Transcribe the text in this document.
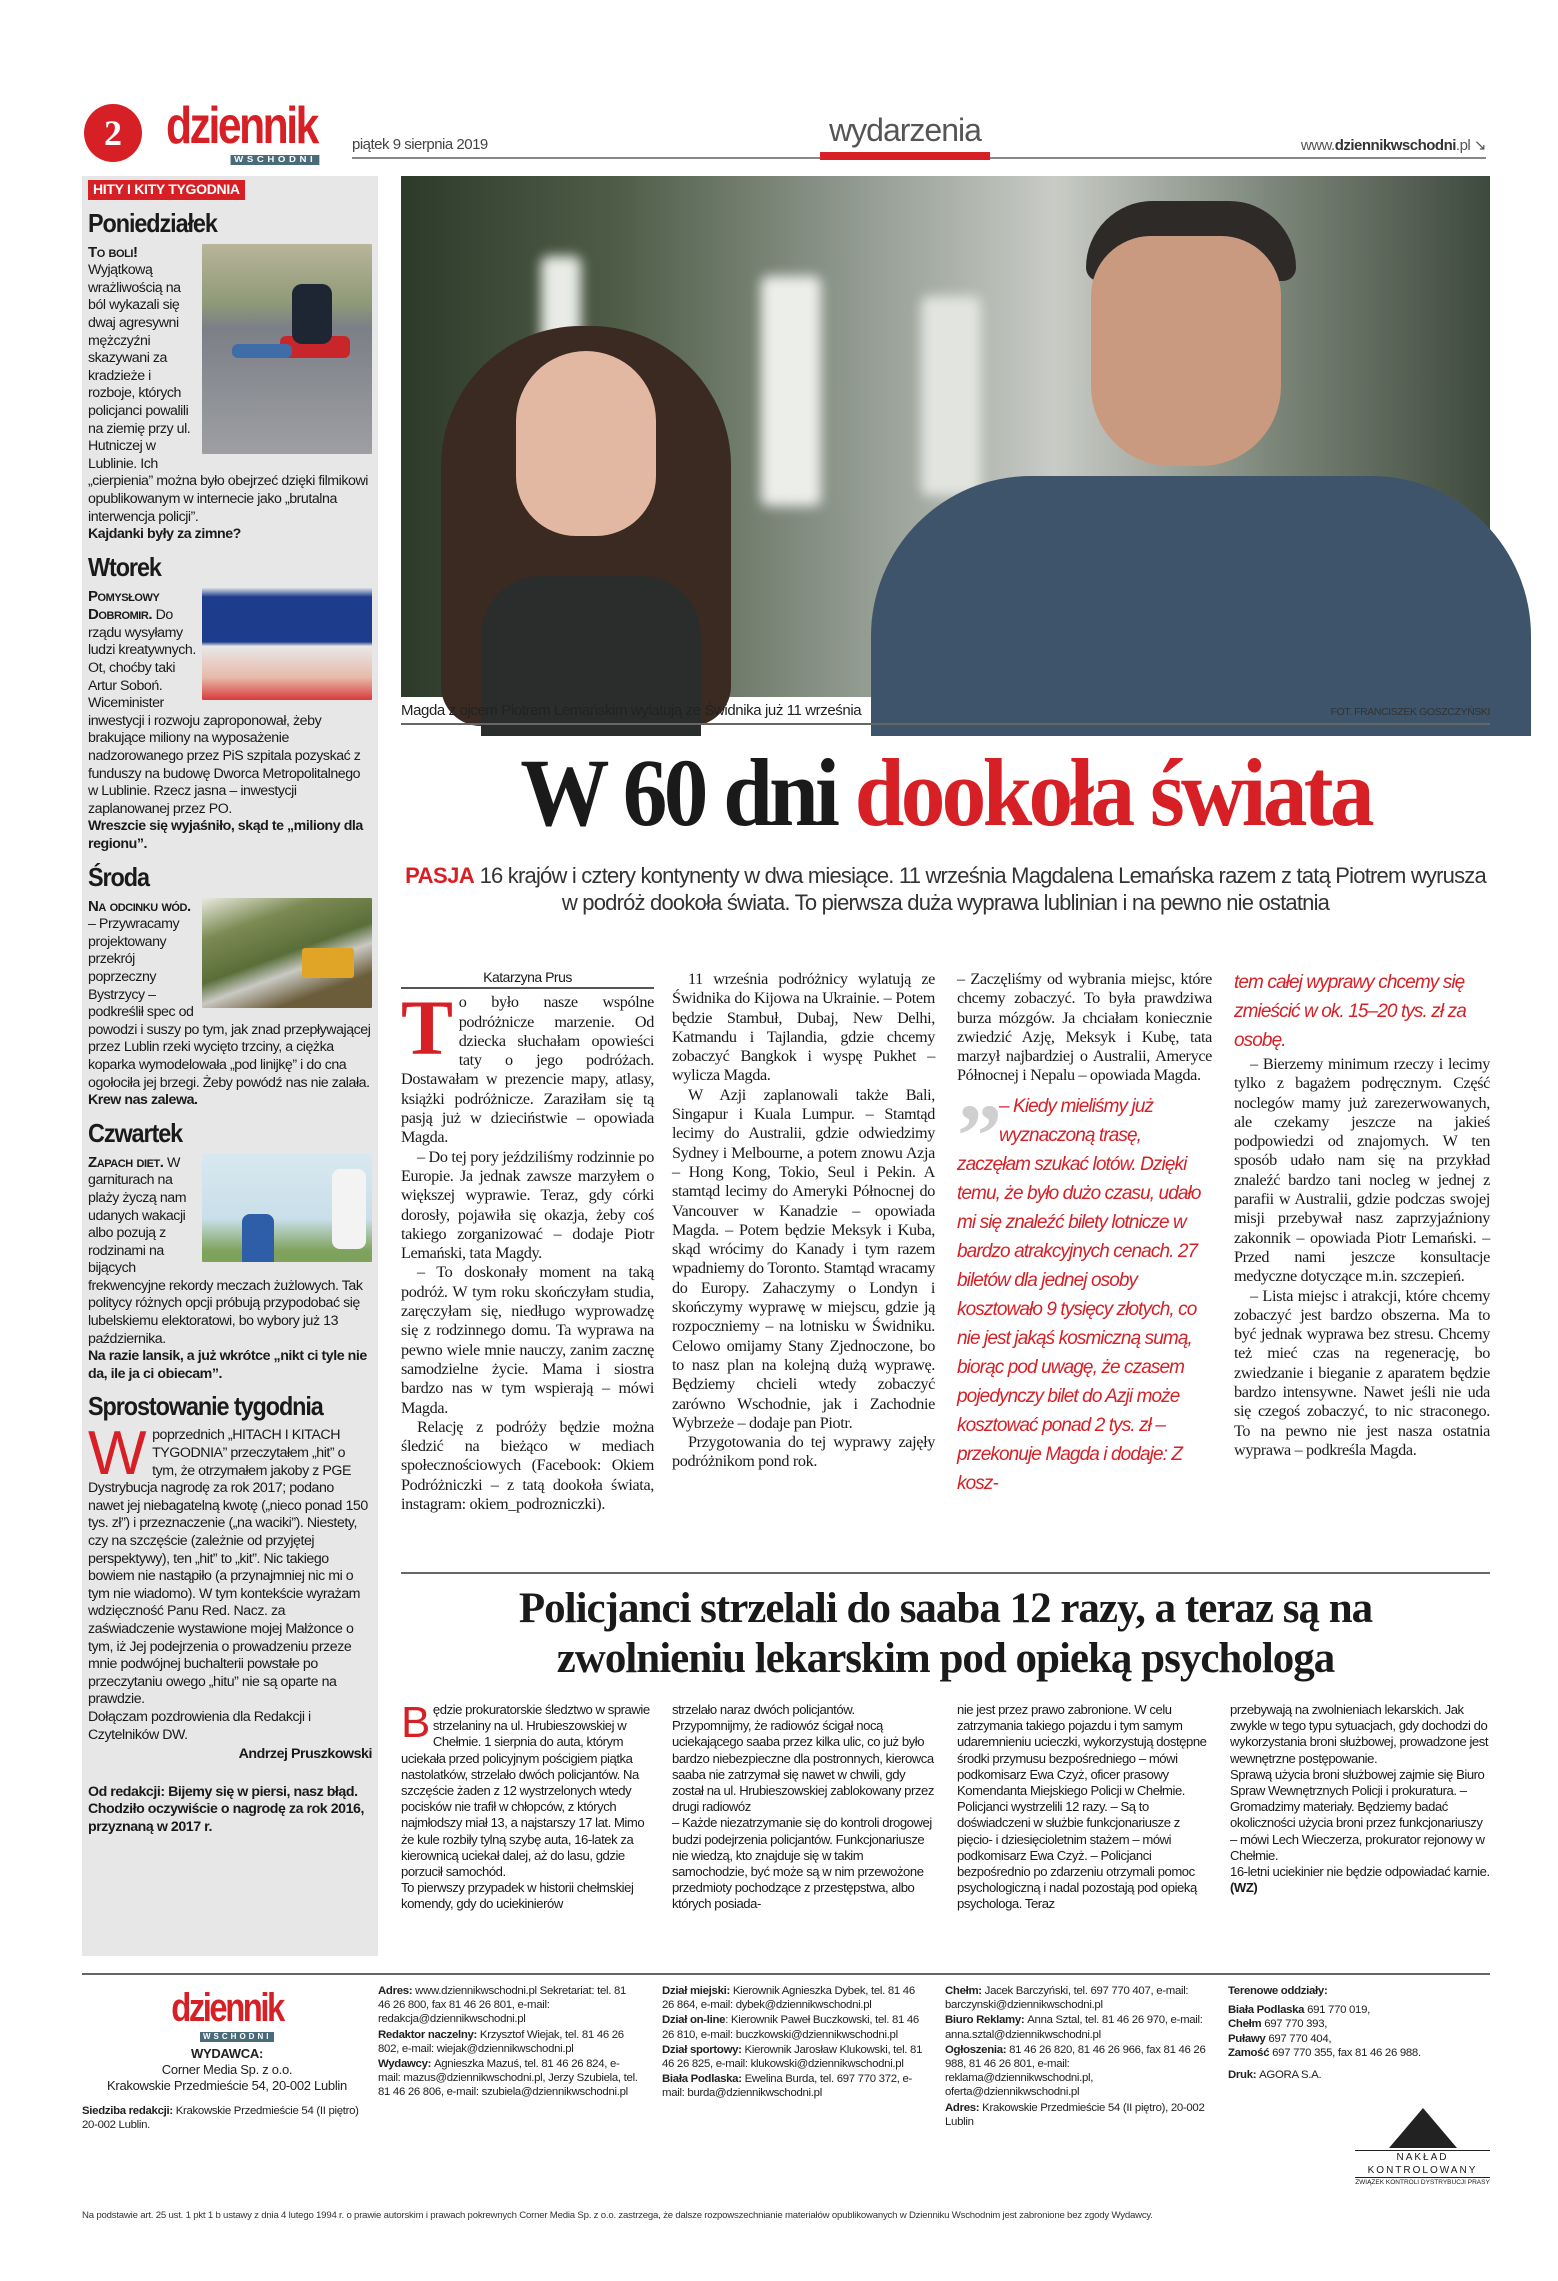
2 dziennik
WSCHODNI
piątek 9 sierpnia 2019	wydarzenia	www.dziennikwschodni.pl ↘
HITY I KITY TYGODNIA
Poniedziałek
To boli! Wyjątkową wrażliwością na ból wykazali się dwaj agresywni mężczyźni skazywani za kradzieże i rozboje, których policjanci powalili na ziemię przy ul. Hutniczej w Lublinie. Ich „cierpienia” można było obejrzeć dzięki filmikowi opublikowanym w internecie jako „brutalna interwencja policji”.
Kajdanki były za zimne?
Wtorek
Pomysłowy Dobromir. Do rządu wysyłamy ludzi kreatywnych. Ot, choćby taki Artur Soboń. Wiceminister inwestycji i rozwoju zaproponował, żeby brakujące miliony na wyposażenie nadzorowanego przez PiS szpitala pozyskać z funduszy na budowę Dworca Metropolitalnego w Lublinie. Rzecz jasna – inwestycji zaplanowanej przez PO.
Wreszcie się wyjaśniło, skąd te „miliony dla regionu”.
Środa
Na odcinku wód. – Przywracamy projektowany przekrój poprzeczny Bystrzycy – podkreślił spec od powodzi i suszy po tym, jak znad przepływającej przez Lublin rzeki wycięto trzciny, a ciężka koparka wymodelowała „pod linijkę” i do cna ogołociła jej brzegi. Żeby powódź nas nie zalała.
Krew nas zalewa.
Czwartek
Zapach diet. W garniturach na plaży życzą nam udanych wakacji albo pozują z rodzinami na bijących frekwencyjne rekordy meczach żużlowych. Tak politycy różnych opcji próbują przypodobać się lubelskiemu elektoratowi, bo wybory już 13 października.
Na razie lansik, a już wkrótce „nikt ci tyle nie da, ile ja ci obiecam”.
Sprostowanie tygodnia
Wpoprzednich „HITACH I KITACH TYGODNIA” przeczytałem „hit” o tym, że otrzymałem jakoby z PGE Dystrybucja nagrodę za rok 2017; podano nawet jej niebagatelną kwotę („nieco ponad 150 tys. zł”) i przeznaczenie („na waciki”). Niestety, czy na szczęście (zależnie od przyjętej perspektywy), ten „hit” to „kit”. Nic takiego bowiem nie nastąpiło (a przynajmniej nic mi o tym nie wiadomo). W tym kontekście wyrażam wdzięczność Panu Red. Nacz. za zaświadczenie wystawione mojej Małżonce o tym, iż Jej podejrzenia o prowadzeniu przeze mnie podwójnej buchalterii powstałe po przeczytaniu owego „hitu” nie są oparte na prawdzie.
Dołączam pozdrowienia dla Redakcji i Czytelników DW.
Andrzej Pruszkowski
Od redakcji: Bijemy się w piersi, nasz błąd. Chodziło oczywiście o nagrodę za rok 2016, przyznaną w 2017 r.
Magda z ojcem Piotrem Lemańskim wylatują ze Świdnika już 11 września	FOT. FRANCISZEK GOSZCZYŃSKI
W 60 dni dookoła świata
PASJA 16 krajów i cztery kontynenty w dwa miesiące. 11 września Magdalena Lemańska razem z tatą Piotrem wyrusza w podróż dookoła świata. To pierwsza duża wyprawa lublinian i na pewno nie ostatnia
Katarzyna Prus

To było nasze wspólne podróżnicze marzenie. Od dziecka słuchałam opowieści taty o jego podróżach. Dostawałam w prezencie mapy, atlasy, książki podróżnicze. Zaraziłam się tą pasją już w dzieciństwie – opowiada Magda.

– Do tej pory jeździliśmy rodzinnie po Europie. Ja jednak zawsze marzyłem o większej wyprawie. Teraz, gdy córki dorosły, pojawiła się okazja, żeby coś takiego zorganizować – dodaje Piotr Lemański, tata Magdy.

– To doskonały moment na taką podróż. W tym roku skończyłam studia, zaręczyłam się, niedługo wyprowadzę się z rodzinnego domu. Ta wyprawa na pewno wiele mnie nauczy, zanim zacznę samodzielne życie. Mama i siostra bardzo nas w tym wspierają – mówi Magda.

Relację z podróży będzie można śledzić na bieżąco w mediach społecznościowych (Facebook: Okiem Podróżniczki – z tatą dookoła świata, instagram: okiem_podrozniczki).

11 września podróżnicy wylatują ze Świdnika do Kijowa na Ukrainie. – Potem będzie Stambuł, Dubaj, New Delhi, Katmandu i Tajlandia, gdzie chcemy zobaczyć Bangkok i wyspę Pukhet – wylicza Magda.

W Azji zaplanowali także Bali, Singapur i Kuala Lumpur. – Stamtąd lecimy do Australii, gdzie odwiedzimy Sydney i Melbourne, a potem znowu Azja – Hong Kong, Tokio, Seul i Pekin. A stamtąd lecimy do Ameryki Północnej do Vancouver w Kanadzie – opowiada Magda. – Potem będzie Meksyk i Kuba, skąd wrócimy do Kanady i tym razem wpadniemy do Toronto. Stamtąd wracamy do Europy. Zahaczymy o Londyn i skończymy wyprawę w miejscu, gdzie ją rozpoczniemy – na lotnisku w Świdniku. Celowo omijamy Stany Zjednoczone, bo to nasz plan na kolejną dużą wyprawę. Będziemy chcieli wtedy zobaczyć zarówno Wschodnie, jak i Zachodnie Wybrzeże – dodaje pan Piotr.

Przygotowania do tej wyprawy zajęły podróżnikom pond rok.

– Zaczęliśmy od wybrania miejsc, które chcemy zobaczyć. To była prawdziwa burza mózgów. Ja chciałam koniecznie zwiedzić Azję, Meksyk i Kubę, tata marzył najbardziej o Australii, Ameryce Północnej i Nepalu – opowiada Magda.

”
– Kiedy mieliśmy już wyznaczoną trasę, zaczęłam szukać lotów. Dzięki temu, że było dużo czasu, udało mi się znaleźć bilety lotnicze w bardzo atrakcyjnych cenach. 27 biletów dla jednej osoby kosztowało 9 tysięcy złotych, co nie jest jakąś kosmiczną sumą, biorąc pod uwagę, że czasem pojedynczy bilet do Azji może kosztować ponad 2 tys. zł – przekonuje Magda i dodaje: Z kosz-
tem całej wyprawy chcemy się zmieścić w ok. 15–20 tys. zł za osobę.

– Bierzemy minimum rzeczy i lecimy tylko z bagażem podręcznym. Część noclegów mamy już zarezerwowanych, ale czekamy jeszcze na jakieś podpowiedzi od znajomych. W ten sposób udało nam się na przykład znaleźć bardzo tani nocleg w jednej z parafii w Australii, gdzie podczas swojej misji przebywał nasz zaprzyjaźniony zakonnik – opowiada Piotr Lemański. – Przed nami jeszcze konsultacje medyczne dotyczące m.in. szczepień.

– Lista miejsc i atrakcji, które chcemy zobaczyć jest bardzo obszerna. Ma to być jednak wyprawa bez stresu. Chcemy też mieć czas na regenerację, bo zwiedzanie i bieganie z aparatem będzie bardzo intensywne. Nawet jeśli nie uda się czegoś zobaczyć, to nic straconego. To na pewno nie jest nasza ostatnia wyprawa – podkreśla Magda.

Policjanci strzelali do saaba 12 razy, a teraz są na
zwolnieniu lekarskim pod opieką psychologa

Będzie prokuratorskie śledztwo w sprawie strzelaniny na ul. Hrubieszowskiej w Chełmie. 1 sierpnia do auta, którym uciekała przed policyjnym pościgiem piątka nastolatków, strzelało dwóch policjantów. Na szczęście żaden z 12 wystrzelonych wtedy pocisków nie trafił w chłopców, z których najmłodszy miał 13, a najstarszy 17 lat. Mimo że kule rozbiły tylną szybę auta, 16-latek za kierownicą uciekał dalej, aż do lasu, gdzie porzucił samochód.

To pierwszy przypadek w historii chełmskiej komendy, gdy do uciekinierów

strzelało naraz dwóch policjantów. Przypomnijmy, że radiowóz ścigał nocą uciekającego saaba przez kilka ulic, co już było bardzo niebezpieczne dla postronnych, kierowca saaba nie zatrzymał się nawet w chwili, gdy został na ul. Hrubieszowskiej zablokowany przez drugi radiowóz

– Każde niezatrzymanie się do kontroli drogowej budzi podejrzenia policjantów. Funkcjonariusze nie wiedzą, kto znajduje się w takim samochodzie, być może są w nim przewożone przedmioty pochodzące z przestępstwa, albo których posiada-

nie jest przez prawo zabronione. W celu zatrzymania takiego pojazdu i tym samym udaremnieniu ucieczki, wykorzystują dostępne środki przymusu bezpośredniego – mówi podkomisarz Ewa Czyż, oficer prasowy Komendanta Miejskiego Policji w Chełmie.

Policjanci wystrzelili 12 razy. – Są to doświadczeni w służbie funkcjonariusze z pięcio- i dziesięcioletnim stażem – mówi podkomisarz Ewa Czyż. – Policjanci bezpośrednio po zdarzeniu otrzymali pomoc psychologiczną i nadal pozostają pod opieką psychologa. Teraz

przebywają na zwolnieniach lekarskich. Jak zwykle w tego typu sytuacjach, gdy dochodzi do wykorzystania broni służbowej, prowadzone jest wewnętrzne postępowanie.

Sprawą użycia broni służbowej zajmie się Biuro Spraw Wewnętrznych Policji i prokuratura. – Gromadzimy materiały. Będziemy badać okoliczności użycia broni przez funkcjonariuszy – mówi Lech Wieczerza, prokurator rejonowy w Chełmie.

16-letni uciekinier nie będzie odpowiadać karnie. (WZ)

dziennik
WSCHODNI
WYDAWCA:
Corner Media Sp. z o.o.
Krakowskie Przedmieście 54, 20-002 Lublin
Siedziba redakcji: Krakowskie Przedmieście 54 (II piętro) 20-002 Lublin.

Adres: www.dziennikwschodni.pl Sekretariat: tel. 81 46 26 800, fax 81 46 26 801, e-mail: redakcja@dziennikwschodni.pl

Redaktor naczelny: Krzysztof Wiejak, tel. 81 46 26 802, e-mail: wiejak@dziennikwschodni.pl

Wydawcy: Agnieszka Mazuś, tel. 81 46 26 824, e-mail: mazus@dziennikwschodni.pl, Jerzy Szubiela, tel. 81 46 26 806, e-mail: szubiela@dziennikwschodni.pl

Dział miejski: Kierownik Agnieszka Dybek, tel. 81 46 26 864, e-mail: dybek@dziennikwschodni.pl

Dział on-line: Kierownik Paweł Buczkowski, tel. 81 46 26 810, e-mail: buczkowski@dziennikwschodni.pl

Dział sportowy: Kierownik Jarosław Klukowski, tel. 81 46 26 825, e-mail: klukowski@dziennikwschodni.pl

Biała Podlaska: Ewelina Burda, tel. 697 770 372, e-mail: burda@dziennikwschodni.pl

Chełm: Jacek Barczyński, tel. 697 770 407, e-mail: barczynski@dziennikwschodni.pl

Biuro Reklamy: Anna Sztal, tel. 81 46 26 970, e-mail: anna.sztal@dziennikwschodni.pl

Ogłoszenia: 81 46 26 820, 81 46 26 966, fax 81 46 26 988, 81 46 26 801, e-mail: reklama@dziennikwschodni.pl, oferta@dziennikwschodni.pl

Adres: Krakowskie Przedmieście 54 (II piętro), 20-002 Lublin

Terenowe oddziały:

Biała Podlaska 691 770 019,
Chełm 697 770 393,
Puławy 697 770 404,
Zamość 697 770 355, fax 81 46 26 988.

Druk: AGORA S.A.

NAKŁAD KONTROLOWANY
ZWIĄZEK KONTROLI DYSTRYBUCJI PRASY
Na podstawie art. 25 ust. 1 pkt 1 b ustawy z dnia 4 lutego 1994 r. o prawie autorskim i prawach pokrewnych Corner Media Sp. z o.o. zastrzega, że dalsze rozpowszechnianie materiałów opublikowanych w Dzienniku Wschodnim jest zabronione bez zgody Wydawcy.
